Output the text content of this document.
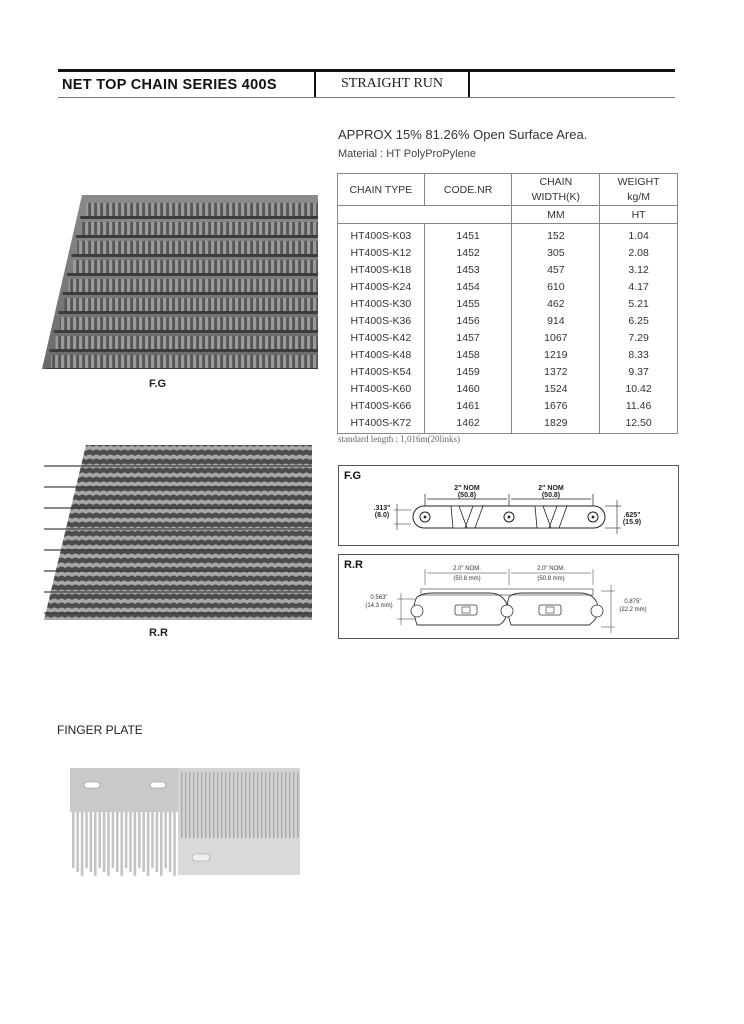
NET TOP CHAIN SERIES 400S	STRAIGHT RUN
APPROX 15% 81.26% Open Surface Area.
Material : HT PolyProPylene
CHAIN TYPE	CODE.NR	CHAIN	WEIGHT
		WIDTH(K)	kg/M
		MM	HT
HT400S-K03	1451	152	1.04
HT400S-K12	1452	305	2.08
HT400S-K18	1453	457	3.12
HT400S-K24	1454	610	4.17
HT400S-K30	1455	462	5.21
HT400S-K36	1456	914	6.25
HT400S-K42	1457	1067	7.29
HT400S-K48	1458	1219	8.33
HT400S-K54	1459	1372	9.37
HT400S-K60	1460	1524	10.42
HT400S-K66	1461	1676	11.46
HT400S-K72	1462	1829	12.50
standard length : 1,016m(20links)
F.G
R.R
FINGER PLATE
F.G
2" NOM
(50.8)
2" NOM
(50.8)
.313"
(8.0)	.625"
(15.9)
R.R	2.0" NOM.
(50.8 mm)
2.0" NOM.
(50.8 mm)
0.563"
(14.3 mm)
0.875"
(22.2 mm)
